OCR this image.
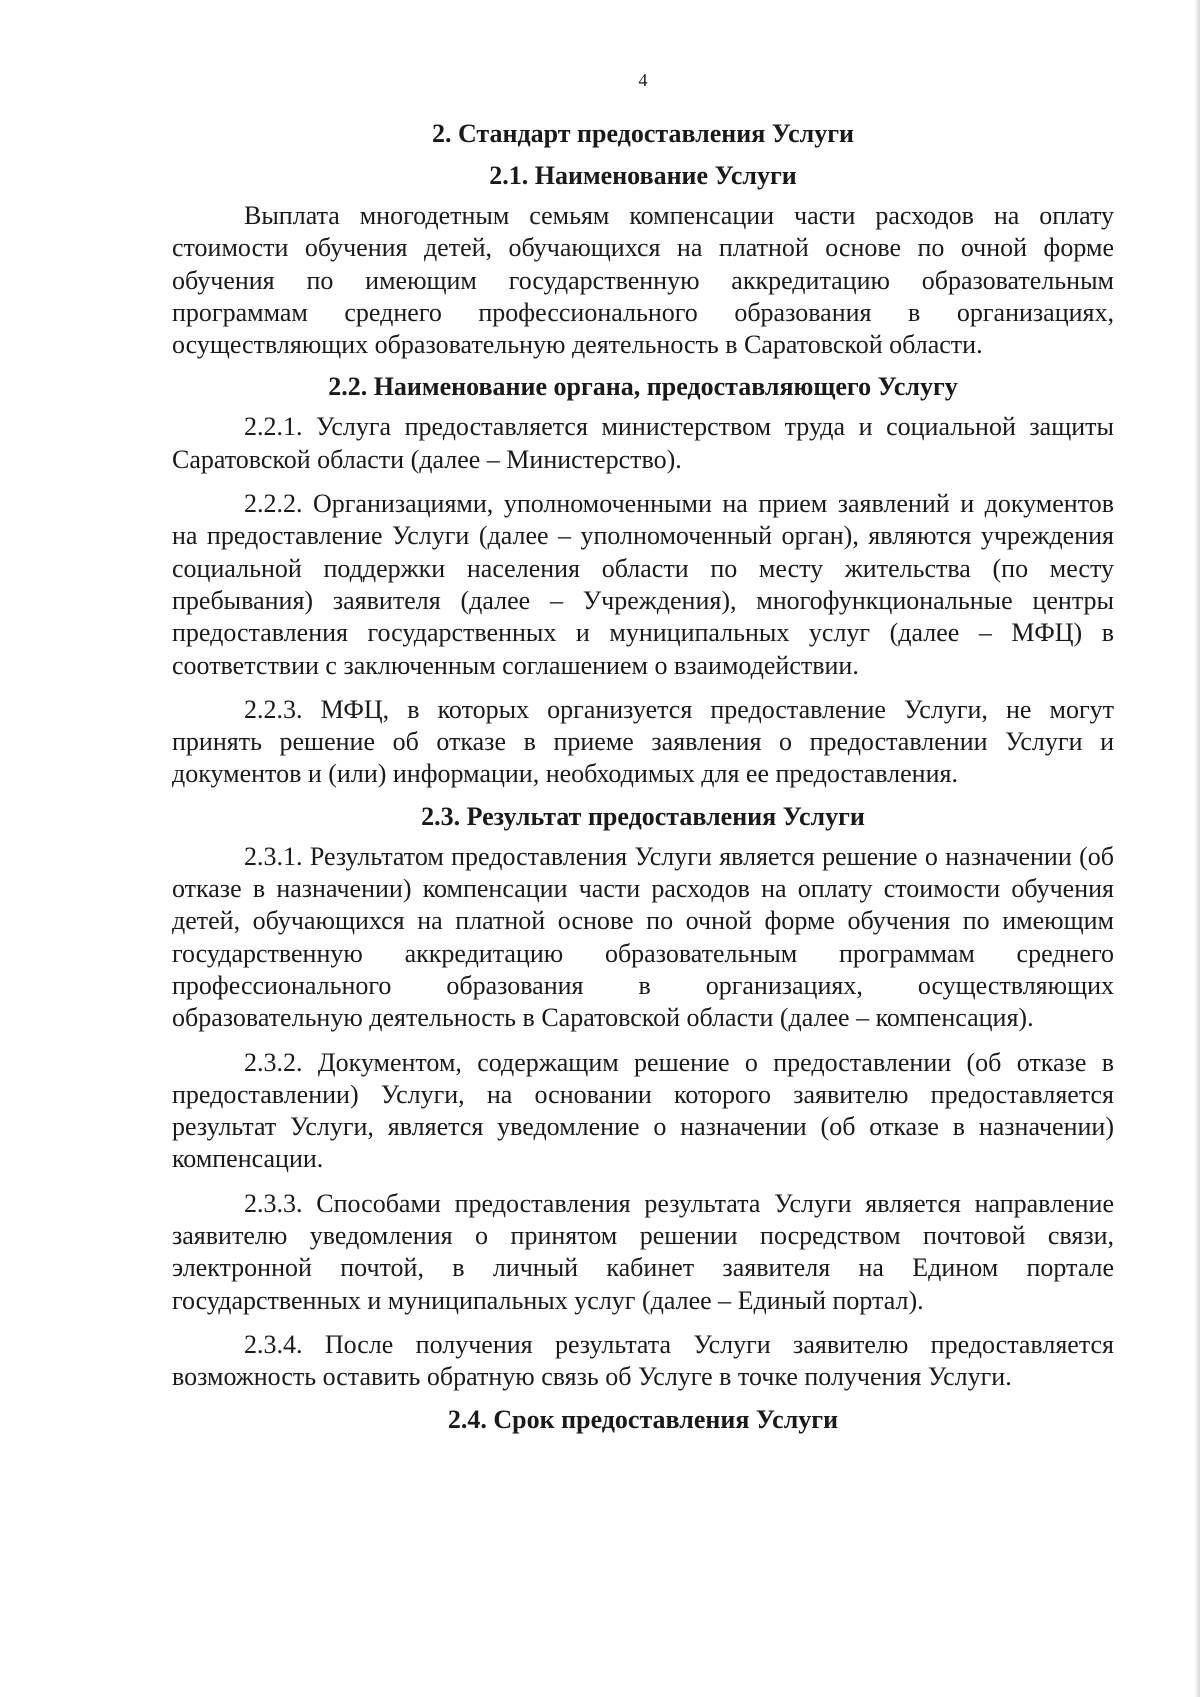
4
2. Стандарт предоставления Услуги
2.1. Наименование Услуги

Выплата многодетным семьям компенсации части расходов на оплату стоимости обучения детей, обучающихся на платной основе по очной форме обучения по имеющим государственную аккредитацию образовательным программам среднего профессионального образования в организациях, осуществляющих образовательную деятельность в Саратовской области.

2.2. Наименование органа, предоставляющего Услугу

2.2.1. Услуга предоставляется министерством труда и социальной защиты Саратовской области (далее – Министерство).

2.2.2. Организациями, уполномоченными на прием заявлений и документов на предоставление Услуги (далее – уполномоченный орган), являются учреждения социальной поддержки населения области по месту жительства (по месту пребывания) заявителя (далее – Учреждения), многофункциональные центры предоставления государственных и муниципальных услуг (далее – МФЦ) в соответствии с заключенным соглашением о взаимодействии.

2.2.3. МФЦ, в которых организуется предоставление Услуги, не могут принять решение об отказе в приеме заявления о предоставлении Услуги и документов и (или) информации, необходимых для ее предоставления.

2.3. Результат предоставления Услуги

2.3.1. Результатом предоставления Услуги является решение о назначении (об отказе в назначении) компенсации части расходов на оплату стоимости обучения детей, обучающихся на платной основе по очной форме обучения по имеющим государственную аккредитацию образовательным программам среднего профессионального образования в организациях, осуществляющих образовательную деятельность в Саратовской области (далее – компенсация).

2.3.2. Документом, содержащим решение о предоставлении (об отказе в предоставлении) Услуги, на основании которого заявителю предоставляется результат Услуги, является уведомление о назначении (об отказе в назначении) компенсации.

2.3.3. Способами предоставления результата Услуги является направление заявителю уведомления о принятом решении посредством почтовой связи, электронной почтой, в личный кабинет заявителя на Едином портале государственных и муниципальных услуг (далее – Единый портал).

2.3.4. После получения результата Услуги заявителю предоставляется возможность оставить обратную связь об Услуге в точке получения Услуги.

2.4. Срок предоставления Услуги
